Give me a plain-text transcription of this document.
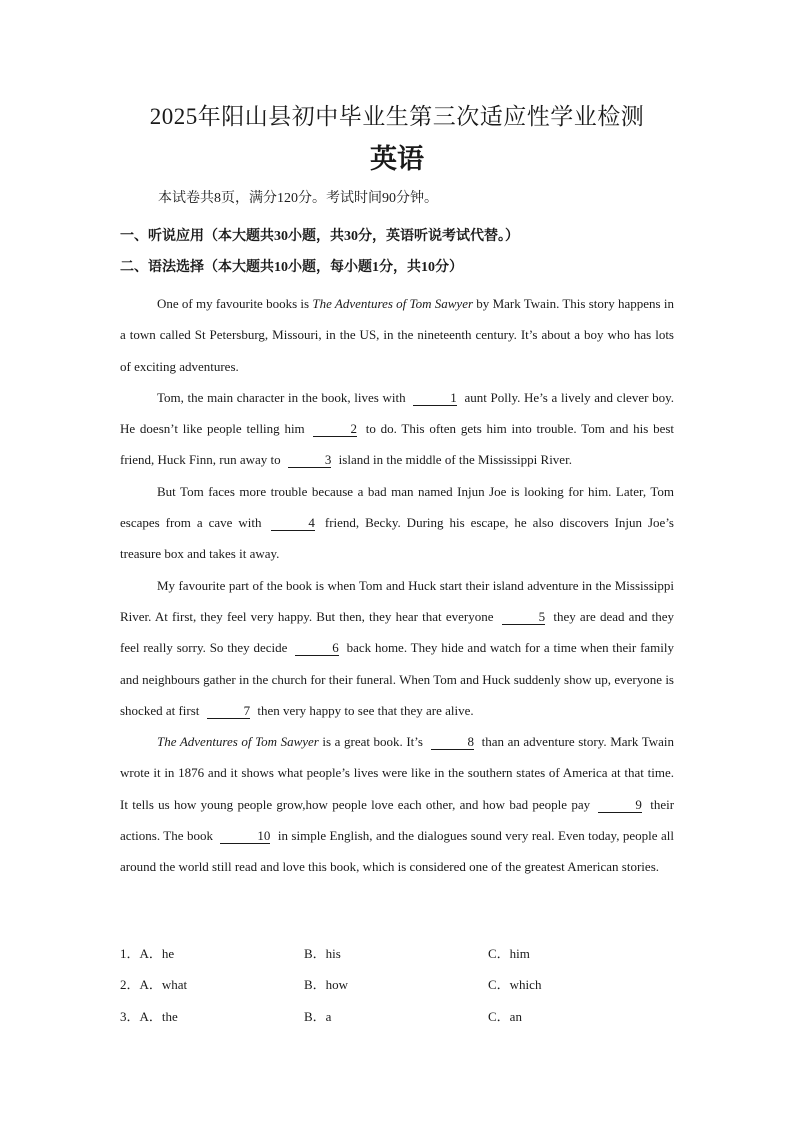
2025年阳山县初中毕业生第三次适应性学业检测
英语
本试卷共8页，满分120分。考试时间90分钟。
一、听说应用（本大题共30小题，共30分，英语听说考试代替。）
二、语法选择（本大题共10小题，每小题1分，共10分）

One of my favourite books is The Adventures of Tom Sawyer by Mark Twain. This story happens in a town called St Petersburg, Missouri, in the US, in the nineteenth century. It’s about a boy who has lots of exciting adventures.

Tom, the main character in the book, lives with	1 aunt Polly. He’s a lively and clever boy. He doesn’t like people telling him	2 to do. This often gets him into trouble. Tom and his best friend, Huck Finn, run away to	3 island in the middle of the Mississippi River.

But Tom faces more trouble because a bad man named Injun Joe is looking for him. Later, Tom escapes from a cave with	4 friend, Becky. During his escape, he also discovers Injun Joe’s treasure box and takes it away.

My favourite part of the book is when Tom and Huck start their island adventure in the Mississippi River. At first, they feel very happy. But then, they hear that everyone	5 they are dead and they feel really sorry. So they decide	6 back home. They hide and watch for a time when their family and neighbours gather in the church for their funeral. When Tom and Huck suddenly show up, everyone is shocked at first	7 then very happy to see that they are alive.

The Adventures of Tom Sawyer is a great book. It’s	8 than an adventure story. Mark Twain wrote it in 1876 and it shows what people’s lives were like in the southern states of America at that time. It tells us how young people grow,how people love each other, and how bad people pay	9 their actions. The book	10 in simple English, and the dialogues sound very real. Even today, people all around the world still read and love this book, which is considered one of the greatest American stories.

1．A．he	B．his	C．him
2．A．what	B．how	C．which
3．A．the	B．a	C．an
